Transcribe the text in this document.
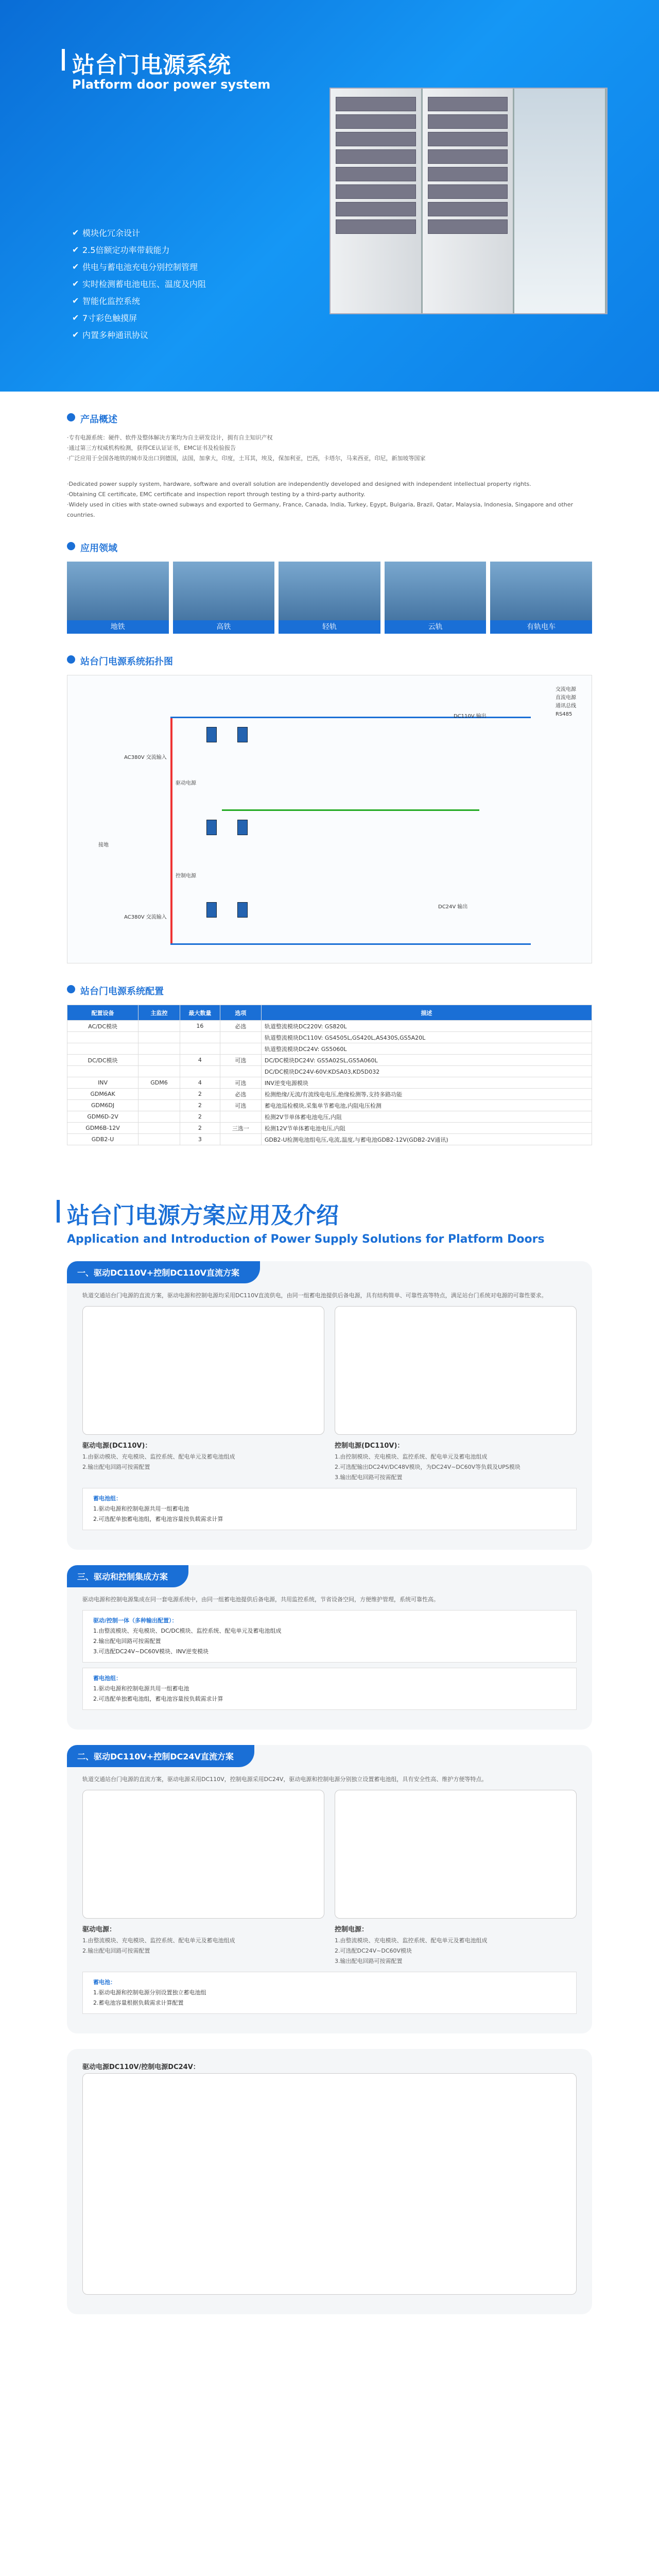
站台门电源系统
Platform door power system
✔ 模块化冗余设计
✔ 2.5倍额定功率带载能力
✔ 供电与蓄电池充电分别控制管理
✔ 实时检测蓄电池电压、温度及内阻
✔ 智能化监控系统
✔ 7寸彩色触摸屏
✔ 内置多种通讯协议
产品概述

·专有电源系统：硬件、软件及整体解决方案均为自主研发设计，拥有自主知识产权

·通过第三方权威机构检测，获得CE认证证书，EMC证书及检验报告

·广泛应用于全国各地铁的城市及出口到德国，法国，加拿大，印度，土耳其，埃及，保加利亚，巴西，卡塔尔，马来西亚，印尼，新加坡等国家

·Dedicated power supply system, hardware, software and overall solution are independently developed and designed with independent intellectual property rights.

·Obtaining CE certificate, EMC certificate and inspection report through testing by a third-party authority.

·Widely used in cities with state-owned subways and exported to Germany, France, Canada, India, Turkey, Egypt, Bulgaria, Brazil, Qatar, Malaysia, Indonesia, Singapore and other countries.

应用领域
地铁	高铁	轻轨	云轨	有轨电车
站台门电源系统拓扑图
交流电源
直流电源
通讯总线
RS485
DC110V 输出
AC380V 交流输入
AC380V 交流输入
驱动电源
控制电源
DC24V 输出
接地
站台门电源系统配置
配置设备	主监控	最大数量	选项	描述
AC/DC模块		16	必选	轨道整流模块DC220V: GS820L
				轨道整流模块DC110V: GS4505L,GS420L,AS430S,GS5A20L
				轨道整流模块DC24V: GS5060L
DC/DC模块		4	可选	DC/DC模块DC24V: GS5A02SL,GS5A060L
				DC/DC模块DC24V-60V:KDSA03,KD5D032
INV	GDM6	4	可选	INV逆变电源模块
GDM6AK		2	必选	检测绝缘/无流/有流线电电压,绝缘检测等,支持多路功能
GDM6DJ		2	可选	蓄电池巡检模块,采集单节蓄电池,内阻电压检测
GDM6D-2V		2		检测2V节单体蓄电池电压,内阻
GDM6B-12V		2	三选一	检测12V节单体蓄电池电压,内阻
GDB2-U		3		GDB2-U检测电池组电压,电流,温度,与蓄电池GDB2-12V(GDB2-2V通讯)
站台门电源方案应用及介绍
Application and Introduction of Power Supply Solutions for Platform Doors
一、驱动DC110V+控制DC110V直流方案

轨道交通站台门电源的直流方案，驱动电源和控制电源均采用DC110V直流供电，由同一组蓄电池提供后备电源，具有结构简单、可靠性高等特点，满足站台门系统对电源的可靠性要求。

驱动电源(DC110V)：

1.由驱动模块、充电模块、监控系统、配电单元及蓄电池组成

2.输出配电回路可按需配置

控制电源(DC110V)：

1.由控制模块、充电模块、监控系统、配电单元及蓄电池组成

2.可选配输出DC24V/DC48V模块，为DC24V~DC60V等负载及UPS模块

3.输出配电回路可按需配置

蓄电池组：
1.驱动电源和控制电源共用一组蓄电池
2.可选配单独蓄电池组，蓄电池容量按负载需求计算
三、驱动和控制集成方案

驱动电源和控制电源集成在同一套电源系统中，由同一组蓄电池提供后备电源，共用监控系统，节省设备空间，方便维护管理，系统可靠性高。

驱动/控制一体（多种输出配置）：
1.由整流模块、充电模块、DC/DC模块、监控系统、配电单元及蓄电池组成
2.输出配电回路可按需配置
3.可选配DC24V~DC60V模块、INV逆变模块
蓄电池组：
1.驱动电源和控制电源共用一组蓄电池
2.可选配单独蓄电池组，蓄电池容量按负载需求计算
二、驱动DC110V+控制DC24V直流方案

轨道交通站台门电源的直流方案，驱动电源采用DC110V，控制电源采用DC24V，驱动电源和控制电源分别独立设置蓄电池组，具有安全性高、维护方便等特点。

驱动电源：

1.由整流模块、充电模块、监控系统、配电单元及蓄电池组成

2.输出配电回路可按需配置

控制电源：

1.由整流模块、充电模块、监控系统、配电单元及蓄电池组成

2.可选配DC24V~DC60V模块

3.输出配电回路可按需配置

蓄电池：
1.驱动电源和控制电源分别设置独立蓄电池组
2.蓄电池容量根据负载需求计算配置
驱动电源DC110V/控制电源DC24V：
